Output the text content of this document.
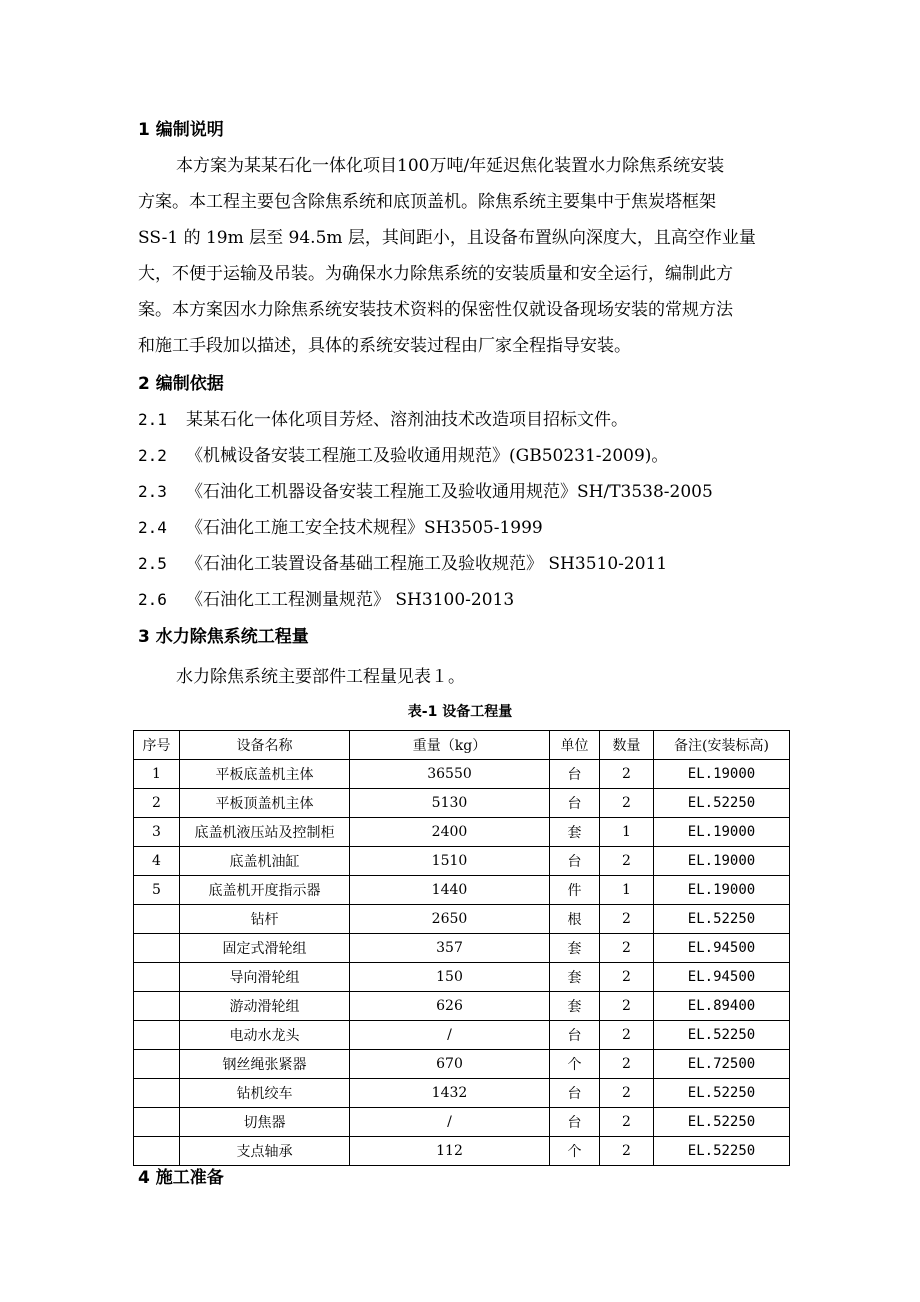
1 编制说明
本方案为某某石化一体化项目100万吨/年延迟焦化装置水力除焦系统安装
方案。本工程主要包含除焦系统和底顶盖机。除焦系统主要集中于焦炭塔框架
SS-1 的 19m 层至 94.5m 层，其间距小，且设备布置纵向深度大，且高空作业量
大，不便于运输及吊装。为确保水力除焦系统的安装质量和安全运行，编制此方
案。本方案因水力除焦系统安装技术资料的保密性仅就设备现场安装的常规方法
和施工手段加以描述，具体的系统安装过程由厂家全程指导安装。
2 编制依据
2.1 某某石化一体化项目芳烃、溶剂油技术改造项目招标文件。
2.2 《机械设备安装工程施工及验收通用规范》(GB50231-2009)。
2.3 《石油化工机器设备安装工程施工及验收通用规范》SH/T3538-2005
2.4 《石油化工施工安全技术规程》SH3505-1999
2.5 《石油化工装置设备基础工程施工及验收规范》 SH3510-2011
2.6 《石油化工工程测量规范》 SH3100-2013
3 水力除焦系统工程量
水力除焦系统主要部件工程量见表１。
表-1 设备工程量
序号	设备名称	重量（kg）	单位	数量	备注(安装标高)
1	平板底盖机主体	36550	台	2	EL.19000
2	平板顶盖机主体	5130	台	2	EL.52250
3	底盖机液压站及控制柜	2400	套	1	EL.19000
4	底盖机油缸	1510	台	2	EL.19000
5	底盖机开度指示器	1440	件	1	EL.19000
	钻杆	2650	根	2	EL.52250
	固定式滑轮组	357	套	2	EL.94500
	导向滑轮组	150	套	2	EL.94500
	游动滑轮组	626	套	2	EL.89400
	电动水龙头	/	台	2	EL.52250
	钢丝绳张紧器	670	个	2	EL.72500
	钻机绞车	1432	台	2	EL.52250
	切焦器	/	台	2	EL.52250
	支点轴承	112	个	2	EL.52250
4 施工准备
